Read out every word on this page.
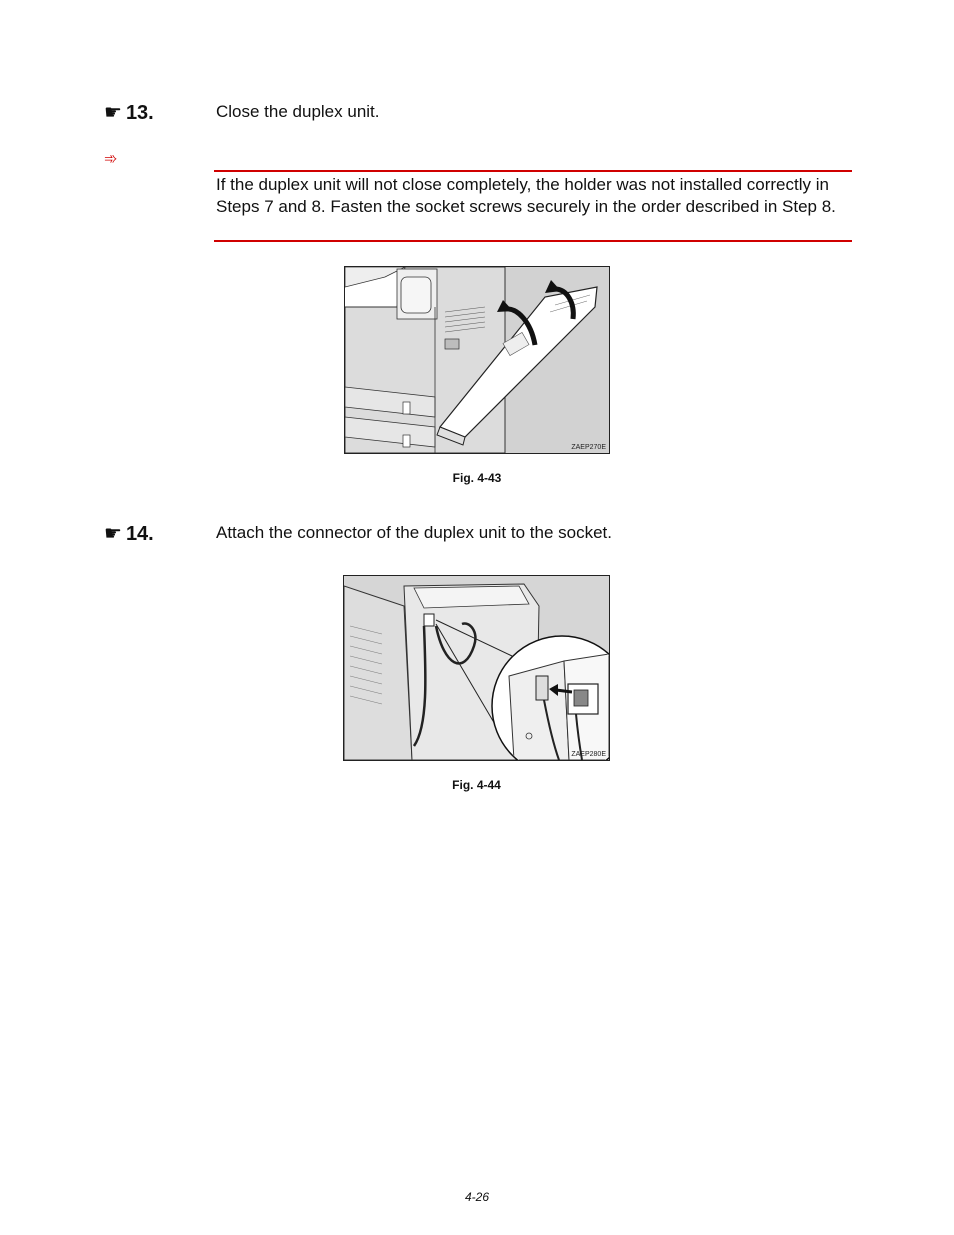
☛ 13.	Close the duplex unit.
➾
If the duplex unit will not close completely, the holder was not installed correctly in Steps 7 and 8. Fasten the socket screws securely in the order described in Step 8.
ZAEP270E
Fig. 4-43
☛ 14.	Attach the connector of the duplex unit to the socket.
ZAEP280E
Fig. 4-44
4-26
